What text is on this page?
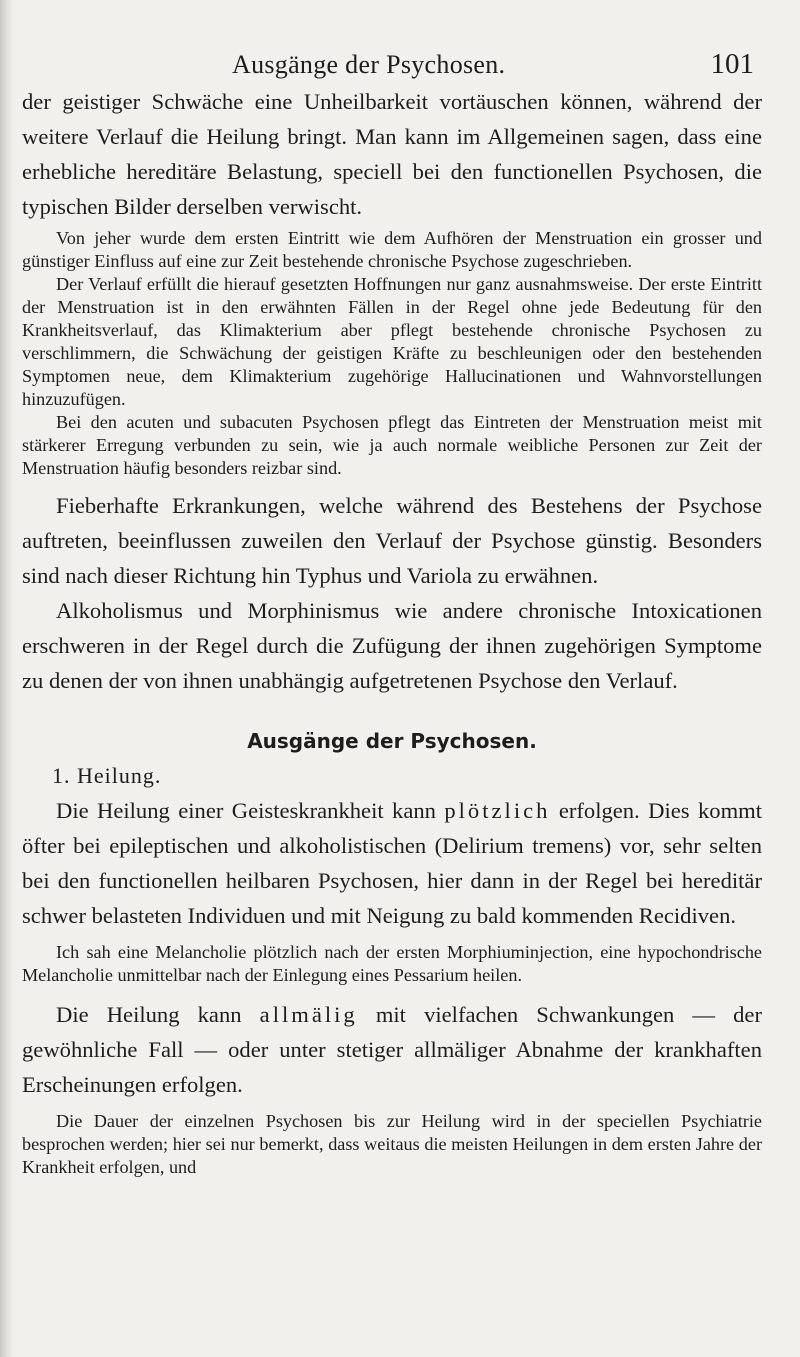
Ausgänge der Psychosen.	101

der geistiger Schwäche eine Unheilbarkeit vortäuschen können, während der weitere Verlauf die Heilung bringt. Man kann im Allgemeinen sagen, dass eine erhebliche hereditäre Belastung, speciell bei den functionellen Psychosen, die typischen Bilder derselben verwischt.

Von jeher wurde dem ersten Eintritt wie dem Aufhören der Menstruation ein grosser und günstiger Einfluss auf eine zur Zeit bestehende chronische Psychose zugeschrieben.

Der Verlauf erfüllt die hierauf gesetzten Hoffnungen nur ganz ausnahmsweise. Der erste Eintritt der Menstruation ist in den erwähnten Fällen in der Regel ohne jede Bedeutung für den Krankheitsverlauf, das Klimakterium aber pflegt bestehende chronische Psychosen zu verschlimmern, die Schwächung der geistigen Kräfte zu beschleunigen oder den bestehenden Symptomen neue, dem Klimakterium zugehörige Hallucinationen und Wahnvorstellungen hinzuzufügen.

Bei den acuten und subacuten Psychosen pflegt das Eintreten der Menstruation meist mit stärkerer Erregung verbunden zu sein, wie ja auch normale weibliche Personen zur Zeit der Menstruation häufig besonders reizbar sind.

Fieberhafte Erkrankungen, welche während des Bestehens der Psychose auftreten, beeinflussen zuweilen den Verlauf der Psychose günstig. Besonders sind nach dieser Richtung hin Typhus und Variola zu erwähnen.

Alkoholismus und Morphinismus wie andere chronische Intoxicationen erschweren in der Regel durch die Zufügung der ihnen zugehörigen Symptome zu denen der von ihnen unabhängig aufgetretenen Psychose den Verlauf.

Ausgänge der Psychosen.

1. Heilung.

Die Heilung einer Geisteskrankheit kann plötzlich erfolgen. Dies kommt öfter bei epileptischen und alkoholistischen (Delirium tremens) vor, sehr selten bei den functionellen heilbaren Psychosen, hier dann in der Regel bei hereditär schwer belasteten Individuen und mit Neigung zu bald kommenden Recidiven.

Ich sah eine Melancholie plötzlich nach der ersten Morphiuminjection, eine hypochondrische Melancholie unmittelbar nach der Einlegung eines Pessarium heilen.

Die Heilung kann allmälig mit vielfachen Schwankungen — der gewöhnliche Fall — oder unter stetiger allmäliger Abnahme der krankhaften Erscheinungen erfolgen.

Die Dauer der einzelnen Psychosen bis zur Heilung wird in der speciellen Psychiatrie besprochen werden; hier sei nur bemerkt, dass weitaus die meisten Heilungen in dem ersten Jahre der Krankheit erfolgen, und
